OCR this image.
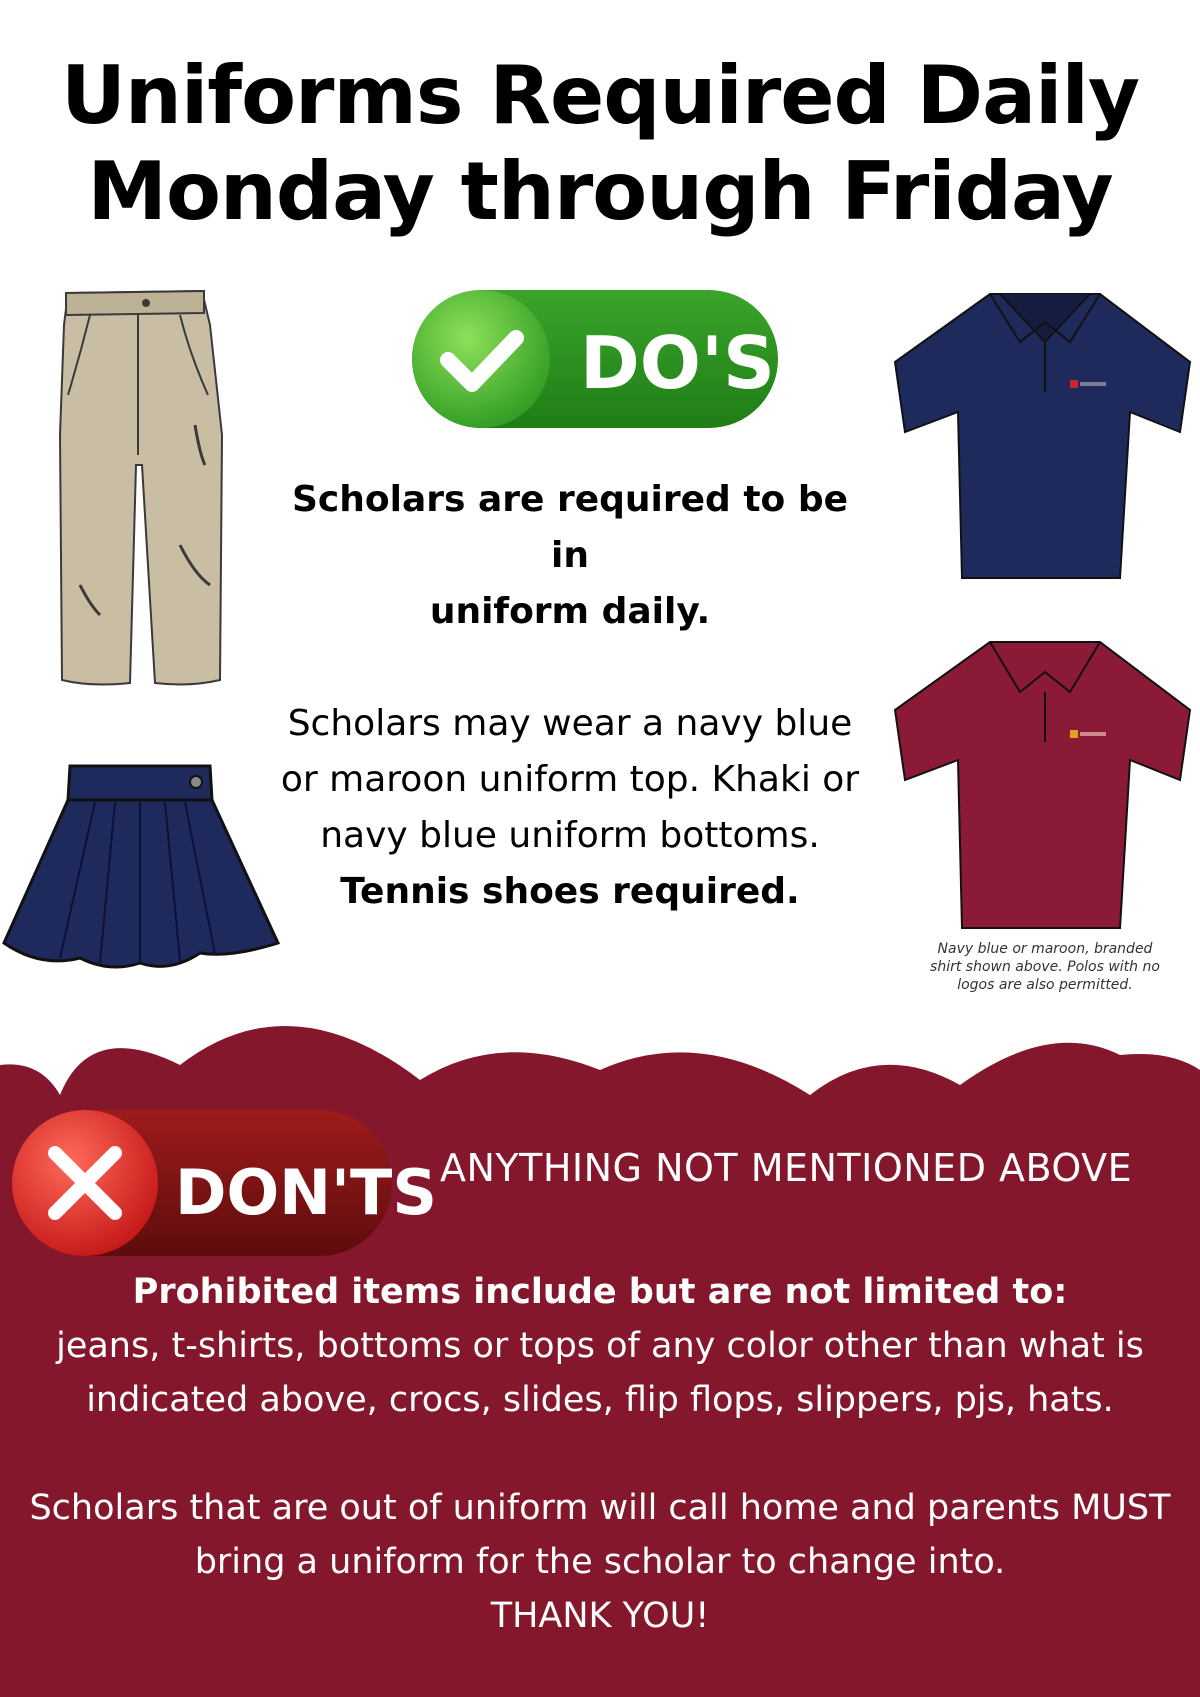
Uniforms Required Daily
Monday through Friday
DO'S
Scholars are required to be in
uniform daily.
Scholars may wear a navy blue
or maroon uniform top. Khaki or
navy blue uniform bottoms.
Tennis shoes required.
Navy blue or maroon, branded
shirt shown above. Polos with no
logos are also permitted.
DON'TS ANYTHING NOT MENTIONED ABOVE
Prohibited items include but are not limited to:
jeans, t-shirts, bottoms or tops of any color other than what is
indicated above, crocs, slides, flip flops, slippers, pjs, hats.
Scholars that are out of uniform will call home and parents MUST
bring a uniform for the scholar to change into.
THANK YOU!
